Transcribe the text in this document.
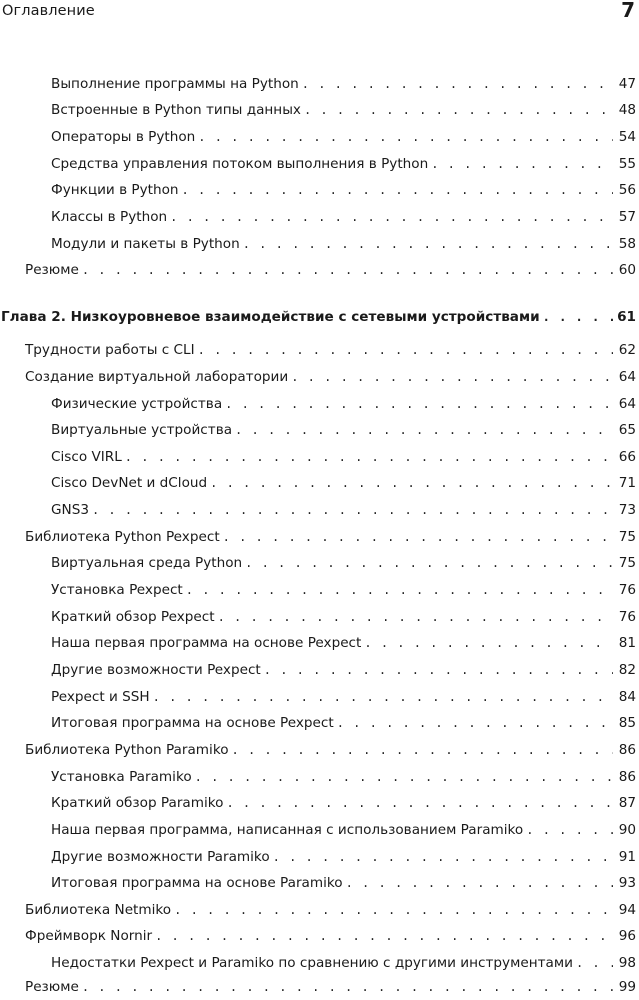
Оглавление	7
Выполнение программы на Python . . .	47
Встроенные в Python типы данных . . .	48
Операторы в Python . . .	54
Средства управления потоком выполнения в Python . . .	55
Функции в Python . . .	56
Классы в Python . . .	57
Модули и пакеты в Python . . .	58
Резюме . . .	60
Глава 2. Низкоуровневое взаимодействие с сетевыми устройствами . . .	61
Трудности работы с CLI . . .	62
Создание виртуальной лаборатории . . .	64
Физические устройства . . .	64
Виртуальные устройства . . .	65
Cisco VIRL . . .	66
Cisco DevNet и dCloud . . .	71
GNS3 . . .	73
Библиотека Python Pexpect . . .	75
Виртуальная среда Python . . .	75
Установка Pexpect . . .	76
Краткий обзор Pexpect . . .	76
Наша первая программа на основе Pexpect . . .	81
Другие возможности Pexpect . . .	82
Pexpect и SSH . . .	84
Итоговая программа на основе Pexpect . . .	85
Библиотека Python Paramiko . . .	86
Установка Paramiko . . .	86
Краткий обзор Paramiko . . .	87
Наша первая программа, написанная с использованием Paramiko . . .	90
Другие возможности Paramiko . . .	91
Итоговая программа на основе Paramiko . . .	93
Библиотека Netmiko . . .	94
Фреймворк Nornir . . .	96
Недостатки Pexpect и Paramiko по сравнению с другими инструментами . . .	98
Резюме . . .	99
